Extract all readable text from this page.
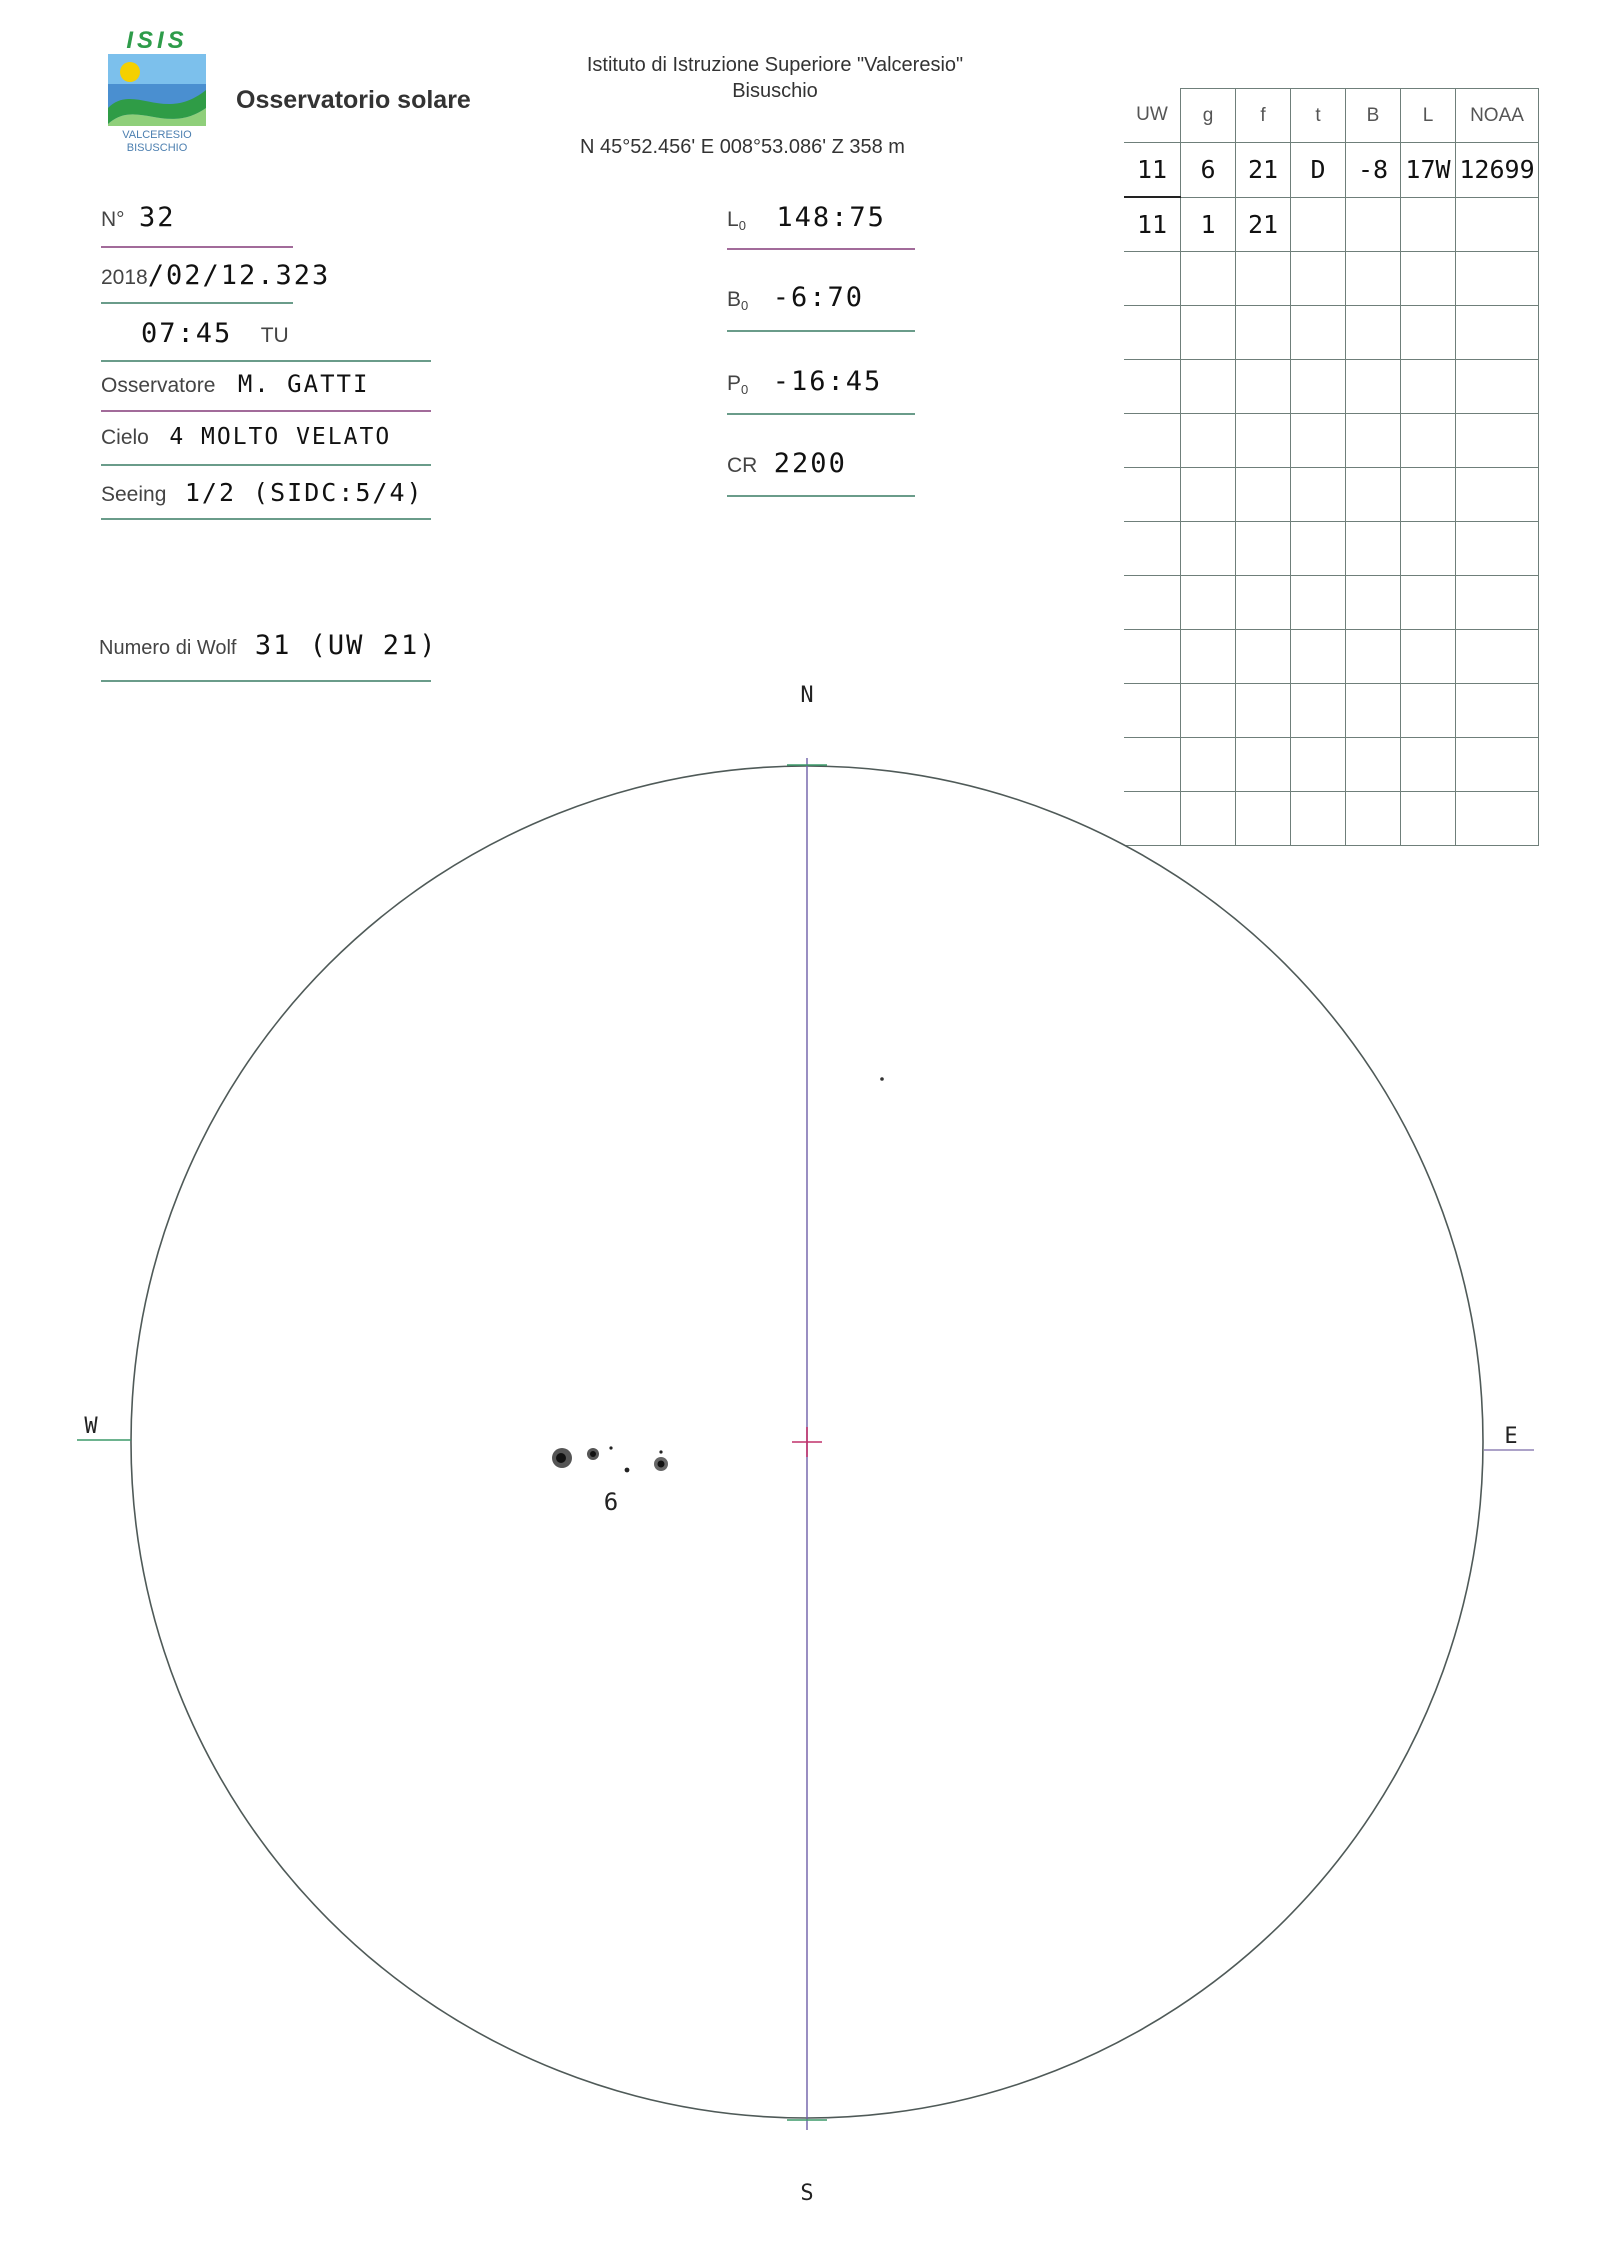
ISIS
VALCERESIO
BISUSCHIO
Osservatorio solare
Istituto di Istruzione Superiore "Valceresio"
Bisuschio
N 45°52.456' E 008°53.086' Z 358 m
N° 32
2018/02/12.323
07:45 TU
Osservatore M. GATTI
Cielo 4 MOLTO VELATO
Seeing 1/2 (SIDC:5/4)
Numero di Wolf 31 (UW 21)
$L_0$ 148:75
$B_0$ -6:70
$P_0$ -16:45
CR 2200
UW	g	f	t	B	L	NOAA
11	6	21	D	-8	17W	12699
11	1	21				

N
S
W	E
6
